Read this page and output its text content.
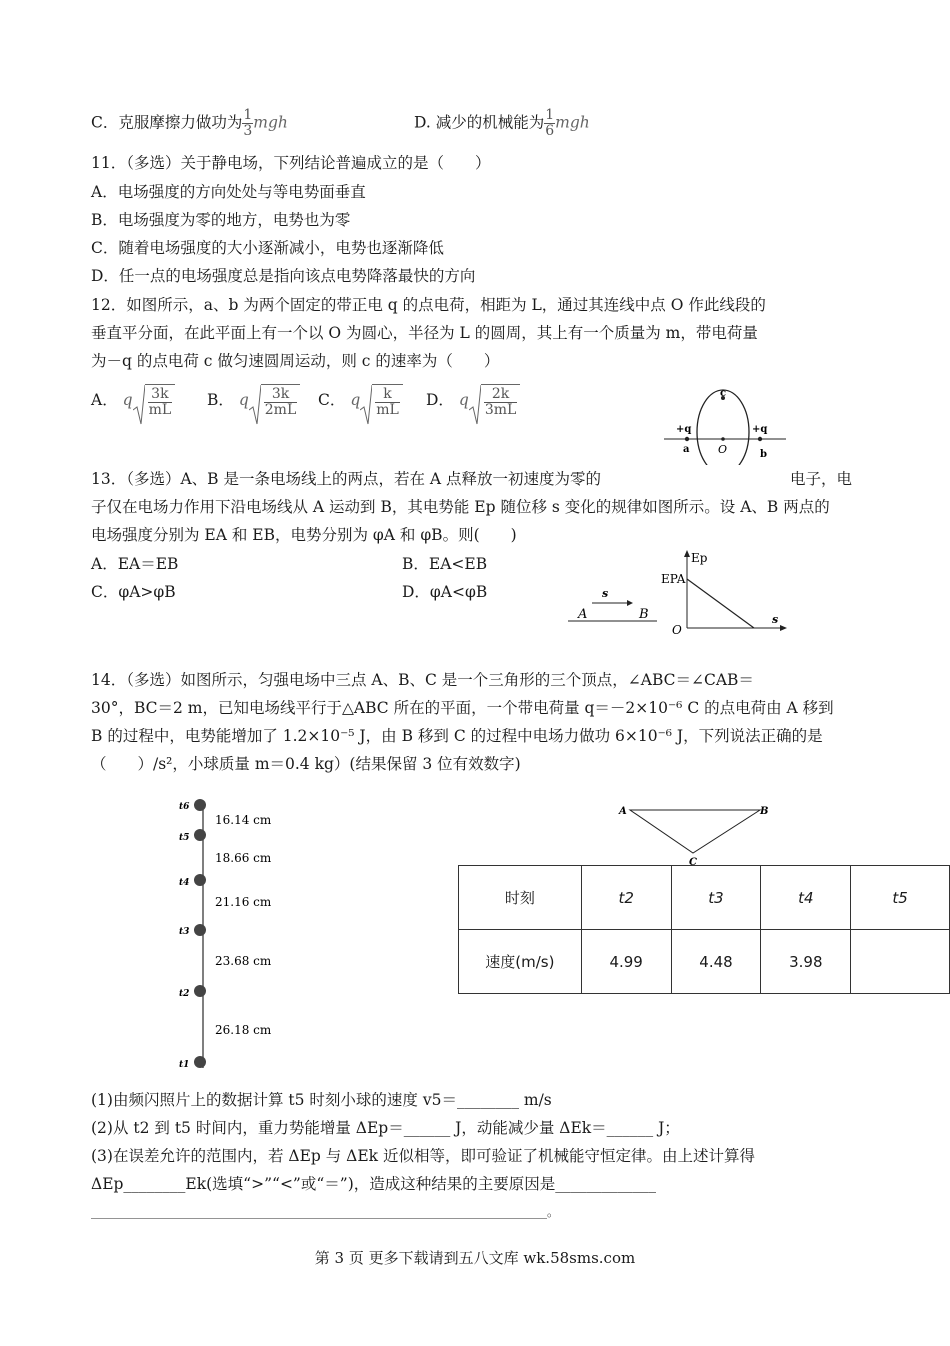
C．克服摩擦力做功为 $\frac{1}{3}$ mgh	D. 减少的机械能为 $\frac{1}{6}$ mgh
11．（多选）关于静电场，下列结论普遍成立的是（　　）
A．电场强度的方向处处与等电势面垂直
B．电场强度为零的地方，电势也为零
C．随着电场强度的大小逐渐减小，电势也逐渐降低
D．任一点的电场强度总是指向该点电势降落最快的方向
12．如图所示，a、b 为两个固定的带正电 q 的点电荷，相距为 L，通过其连线中点 O 作此线段的
垂直平分面，在此平面上有一个以 O 为圆心，半径为 L 的圆周，其上有一个质量为 m，带电荷量
为－q 的点电荷 c 做匀速圆周运动，则 c 的速率为（　　）
A． q $\frac{3k}{mL}$ B． q $\frac{3k}{2mL}$ C． q $\frac{k}{mL}$ D． q $\frac{2k}{3mL}$	c
+q	+q
a	O	b
13．（多选）A、B 是一条电场线上的两点，若在 A 点释放一初速度为零的	电子，电
子仅在电场力作用下沿电场线从 A 运动到 B，其电势能 Ep 随位移 s 变化的规律如图所示。设 A、B 两点的
电场强度分别为 EA 和 EB，电势分别为 φA 和 φB。则(　　)
A．EA＝EB	B．EA<EB
C．φA>φB	D．φA<φB	s
A	B
Ep
EPA
O
s
14．（多选）如图所示，匀强电场中三点 A、B、C 是一个三角形的三个顶点，∠ABC＝∠CAB＝
30°，BC＝2 m，已知电场线平行于△ABC 所在的平面，一个带电荷量 q＝－2×10⁻⁶ C 的点电荷由 A 移到
B 的过程中，电势能增加了 1.2×10⁻⁵ J，由 B 移到 C 的过程中电场力做功 6×10⁻⁶ J，下列说法正确的是
（　　）/s²，小球质量 m＝0.4 kg）(结果保留 3 位有效数字)
t6
t5
t4
t3
t2
t1
16.14 cm
18.66 cm
21.16 cm
23.68 cm
26.18 cm
A	B
C
时刻	t2	t3	t4	t5
速度(m/s)	4.99	4.48	3.98	
(1)由频闪照片上的数据计算 t5 时刻小球的速度 v5＝________ m/s
(2)从 t2 到 t5 时间内，重力势能增量 ΔEp＝______ J，动能减少量 ΔEk＝______ J；
(3)在误差允许的范围内，若 ΔEp 与 ΔEk 近似相等，即可验证了机械能守恒定律。由上述计算得
ΔEp________Ek(选填“>”“<”或“＝”)，造成这种结果的主要原因是_____________
____________________________________________________________________________。
第 3 页 更多下载请到五八文库 wk.58sms.com
